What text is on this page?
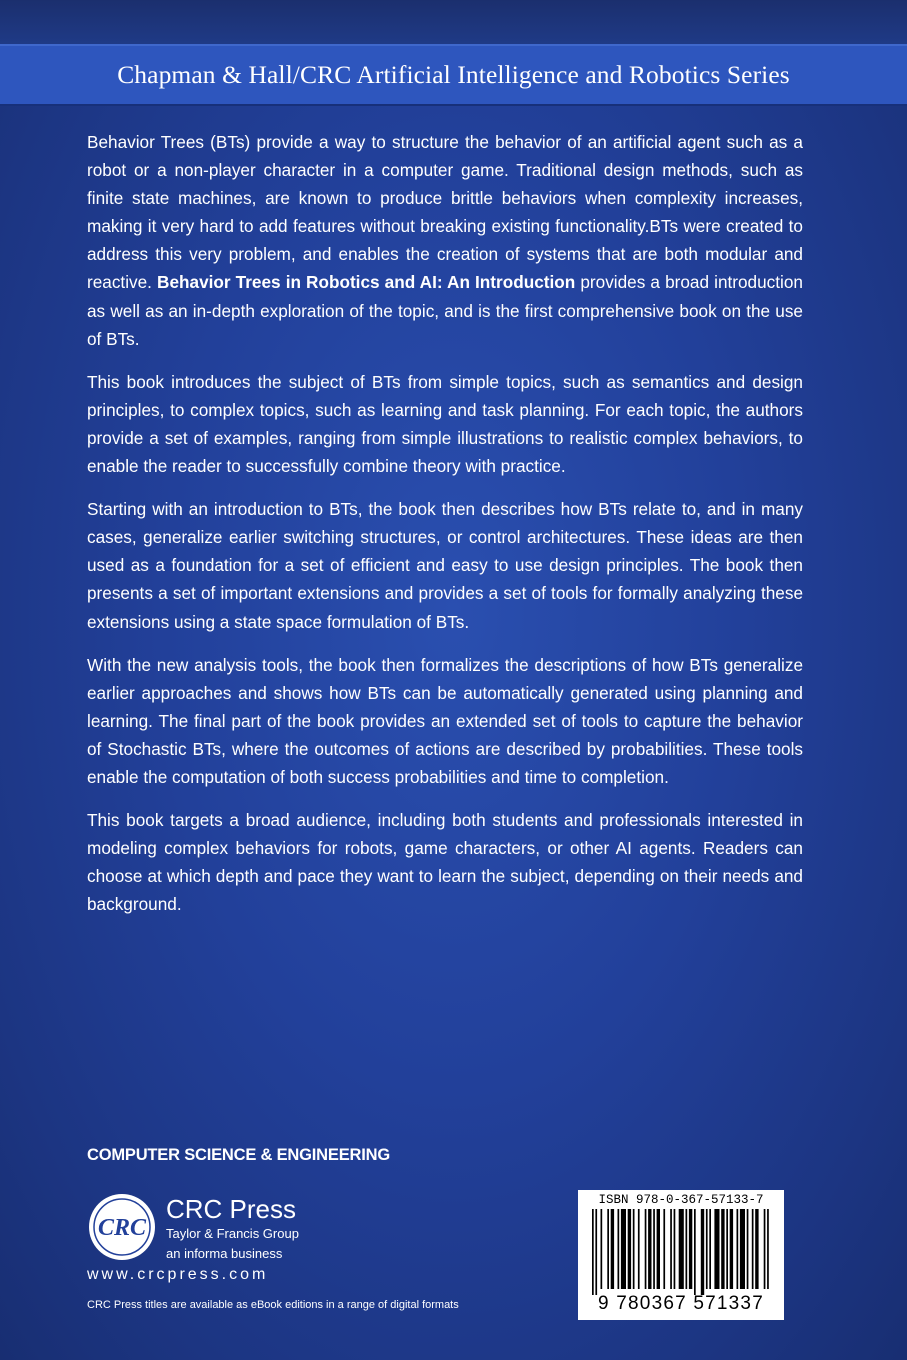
Chapman & Hall/CRC Artificial Intelligence and Robotics Series

Behavior Trees (BTs) provide a way to structure the behavior of an artificial agent such as a robot or a non-player character in a computer game. Traditional design methods, such as finite state machines, are known to produce brittle behaviors when complexity increases, making it very hard to add features without breaking existing functionality.BTs were created to address this very problem, and enables the creation of systems that are both modular and reactive. Behavior Trees in Robotics and AI: An Introduction provides a broad introduction as well as an in-depth exploration of the topic, and is the first comprehensive book on the use of BTs.

This book introduces the subject of BTs from simple topics, such as semantics and design principles, to complex topics, such as learning and task planning. For each topic, the authors provide a set of examples, ranging from simple illustrations to realistic complex behaviors, to enable the reader to successfully combine theory with practice.

Starting with an introduction to BTs, the book then describes how BTs relate to, and in many cases, generalize earlier switching structures, or control architectures. These ideas are then used as a foundation for a set of efficient and easy to use design principles. The book then presents a set of important extensions and provides a set of tools for formally analyzing these extensions using a state space formulation of BTs.

With the new analysis tools, the book then formalizes the descriptions of how BTs generalize earlier approaches and shows how BTs can be automatically generated using planning and learning. The final part of the book provides an extended set of tools to capture the behavior of Stochastic BTs, where the outcomes of actions are described by probabilities. These tools enable the computation of both success probabilities and time to completion.

This book targets a broad audience, including both students and professionals interested in modeling complex behaviors for robots, game characters, or other AI agents. Readers can choose at which depth and pace they want to learn the subject, depending on their needs and background.

COMPUTER SCIENCE & ENGINEERING
CRC
CRC Press
Taylor & Francis Group
an informa business
www.crcpress.com
CRC Press titles are available as eBook editions in a range of digital formats
ISBN 978-0-367-57133-7
9 780367 571337
